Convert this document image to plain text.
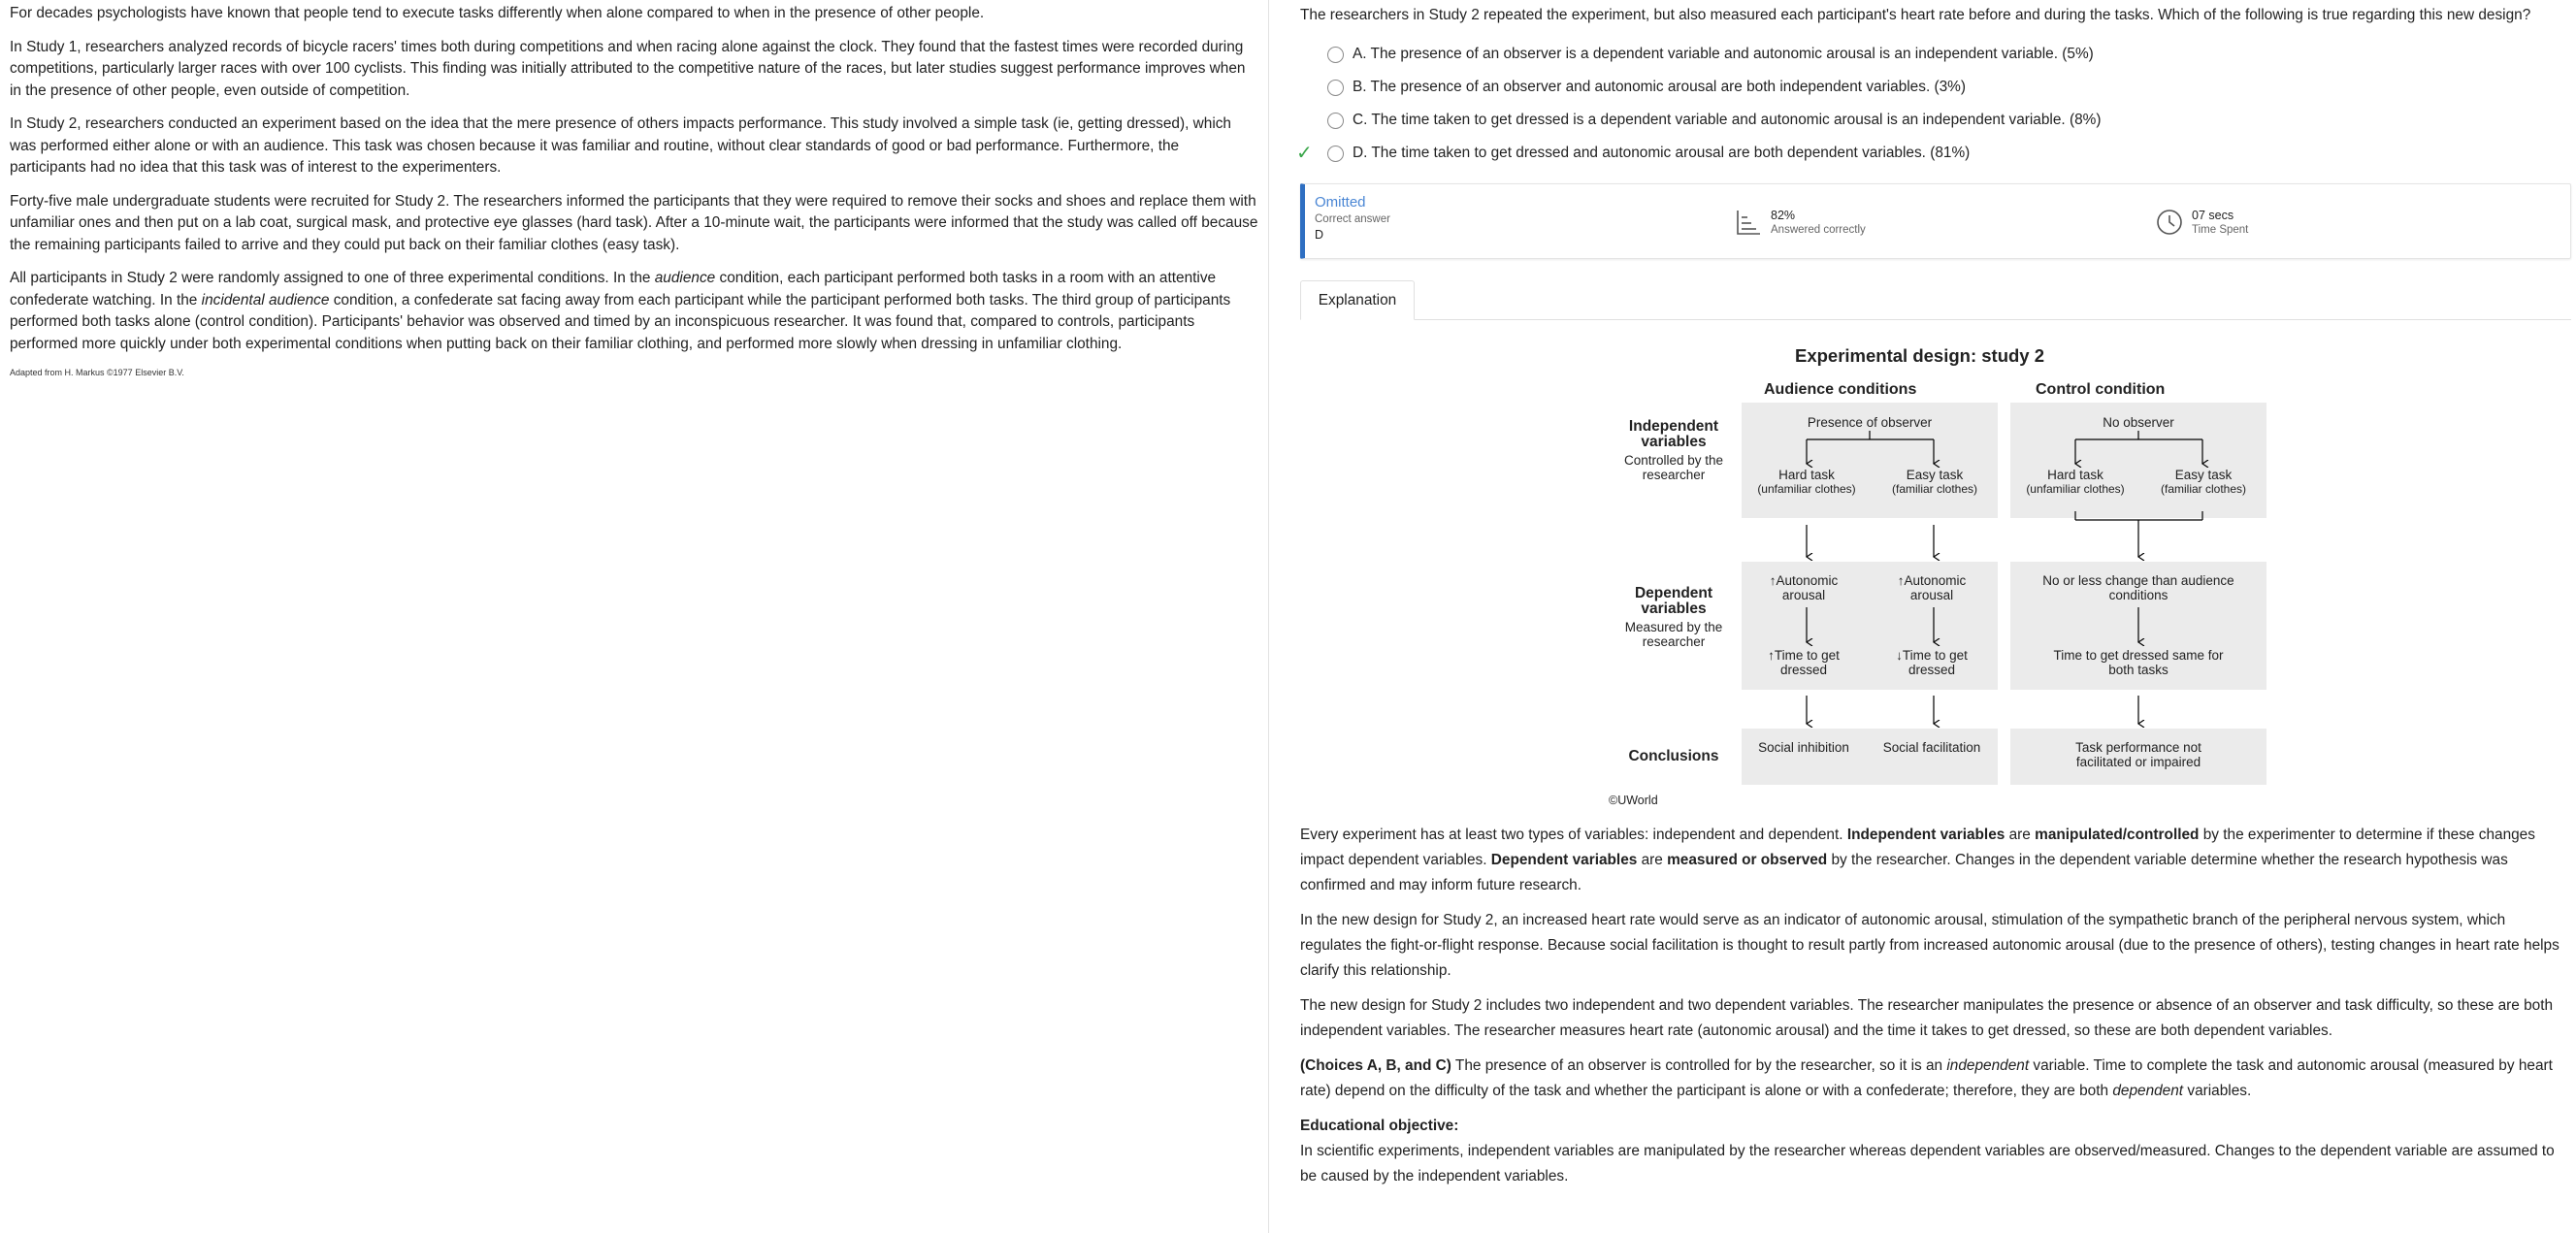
For decades psychologists have known that people tend to execute tasks differently when alone compared to when in the presence of other people.

In Study 1, researchers analyzed records of bicycle racers' times both during competitions and when racing alone against the clock. They found that the fastest times were recorded during competitions, particularly larger races with over 100 cyclists. This finding was initially attributed to the competitive nature of the races, but later studies suggest performance improves when in the presence of other people, even outside of competition.

In Study 2, researchers conducted an experiment based on the idea that the mere presence of others impacts performance. This study involved a simple task (ie, getting dressed), which was performed either alone or with an audience. This task was chosen because it was familiar and routine, without clear standards of good or bad performance. Furthermore, the participants had no idea that this task was of interest to the experimenters.

Forty-five male undergraduate students were recruited for Study 2. The researchers informed the participants that they were required to remove their socks and shoes and replace them with unfamiliar ones and then put on a lab coat, surgical mask, and protective eye glasses (hard task). After a 10-minute wait, the participants were informed that the study was called off because the remaining participants failed to arrive and they could put back on their familiar clothes (easy task).

All participants in Study 2 were randomly assigned to one of three experimental conditions. In the audience condition, each participant performed both tasks in a room with an attentive confederate watching. In the incidental audience condition, a confederate sat facing away from each participant while the participant performed both tasks. The third group of participants performed both tasks alone (control condition). Participants' behavior was observed and timed by an inconspicuous researcher. It was found that, compared to controls, participants performed more quickly under both experimental conditions when putting back on their familiar clothing, and performed more slowly when dressing in unfamiliar clothing.

Adapted from H. Markus ©1977 Elsevier B.V.

The researchers in Study 2 repeated the experiment, but also measured each participant's heart rate before and during the tasks. Which of the following is true regarding this new design?

A. The presence of an observer is a dependent variable and autonomic arousal is an independent variable. (5%)
B. The presence of an observer and autonomic arousal are both independent variables. (3%)
C. The time taken to get dressed is a dependent variable and autonomic arousal is an independent variable. (8%)
✓	D. The time taken to get dressed and autonomic arousal are both dependent variables. (81%)
Omitted
Correct answer
D
82%
Answered correctly
07 secs
Time Spent
Explanation
Experimental design: study 2
Audience conditions	Control condition
Independent variables
Controlled by the researcher
Dependent variables
Measured by the researcher
Conclusions
Presence of observer	No observer
Hard task
(unfamiliar clothes)
Easy task
(familiar clothes)
Hard task
(unfamiliar clothes)
Easy task
(familiar clothes)
↑Autonomic arousal
↑Autonomic arousal
No or less change than audience conditions
↑Time to get dressed
↓Time to get dressed
Time to get dressed same for both tasks
Social inhibition	Social facilitation	Task performance not facilitated or impaired
©UWorld

Every experiment has at least two types of variables: independent and dependent. Independent variables are manipulated/controlled by the experimenter to determine if these changes impact dependent variables. Dependent variables are measured or observed by the researcher. Changes in the dependent variable determine whether the research hypothesis was confirmed and may inform future research.

In the new design for Study 2, an increased heart rate would serve as an indicator of autonomic arousal, stimulation of the sympathetic branch of the peripheral nervous system, which regulates the fight-or-flight response. Because social facilitation is thought to result partly from increased autonomic arousal (due to the presence of others), testing changes in heart rate helps clarify this relationship.

The new design for Study 2 includes two independent and two dependent variables. The researcher manipulates the presence or absence of an observer and task difficulty, so these are both independent variables. The researcher measures heart rate (autonomic arousal) and the time it takes to get dressed, so these are both dependent variables.

(Choices A, B, and C) The presence of an observer is controlled for by the researcher, so it is an independent variable. Time to complete the task and autonomic arousal (measured by heart rate) depend on the difficulty of the task and whether the participant is alone or with a confederate; therefore, they are both dependent variables.

Educational objective:

In scientific experiments, independent variables are manipulated by the researcher whereas dependent variables are observed/measured. Changes to the dependent variable are assumed to be caused by the independent variables.
